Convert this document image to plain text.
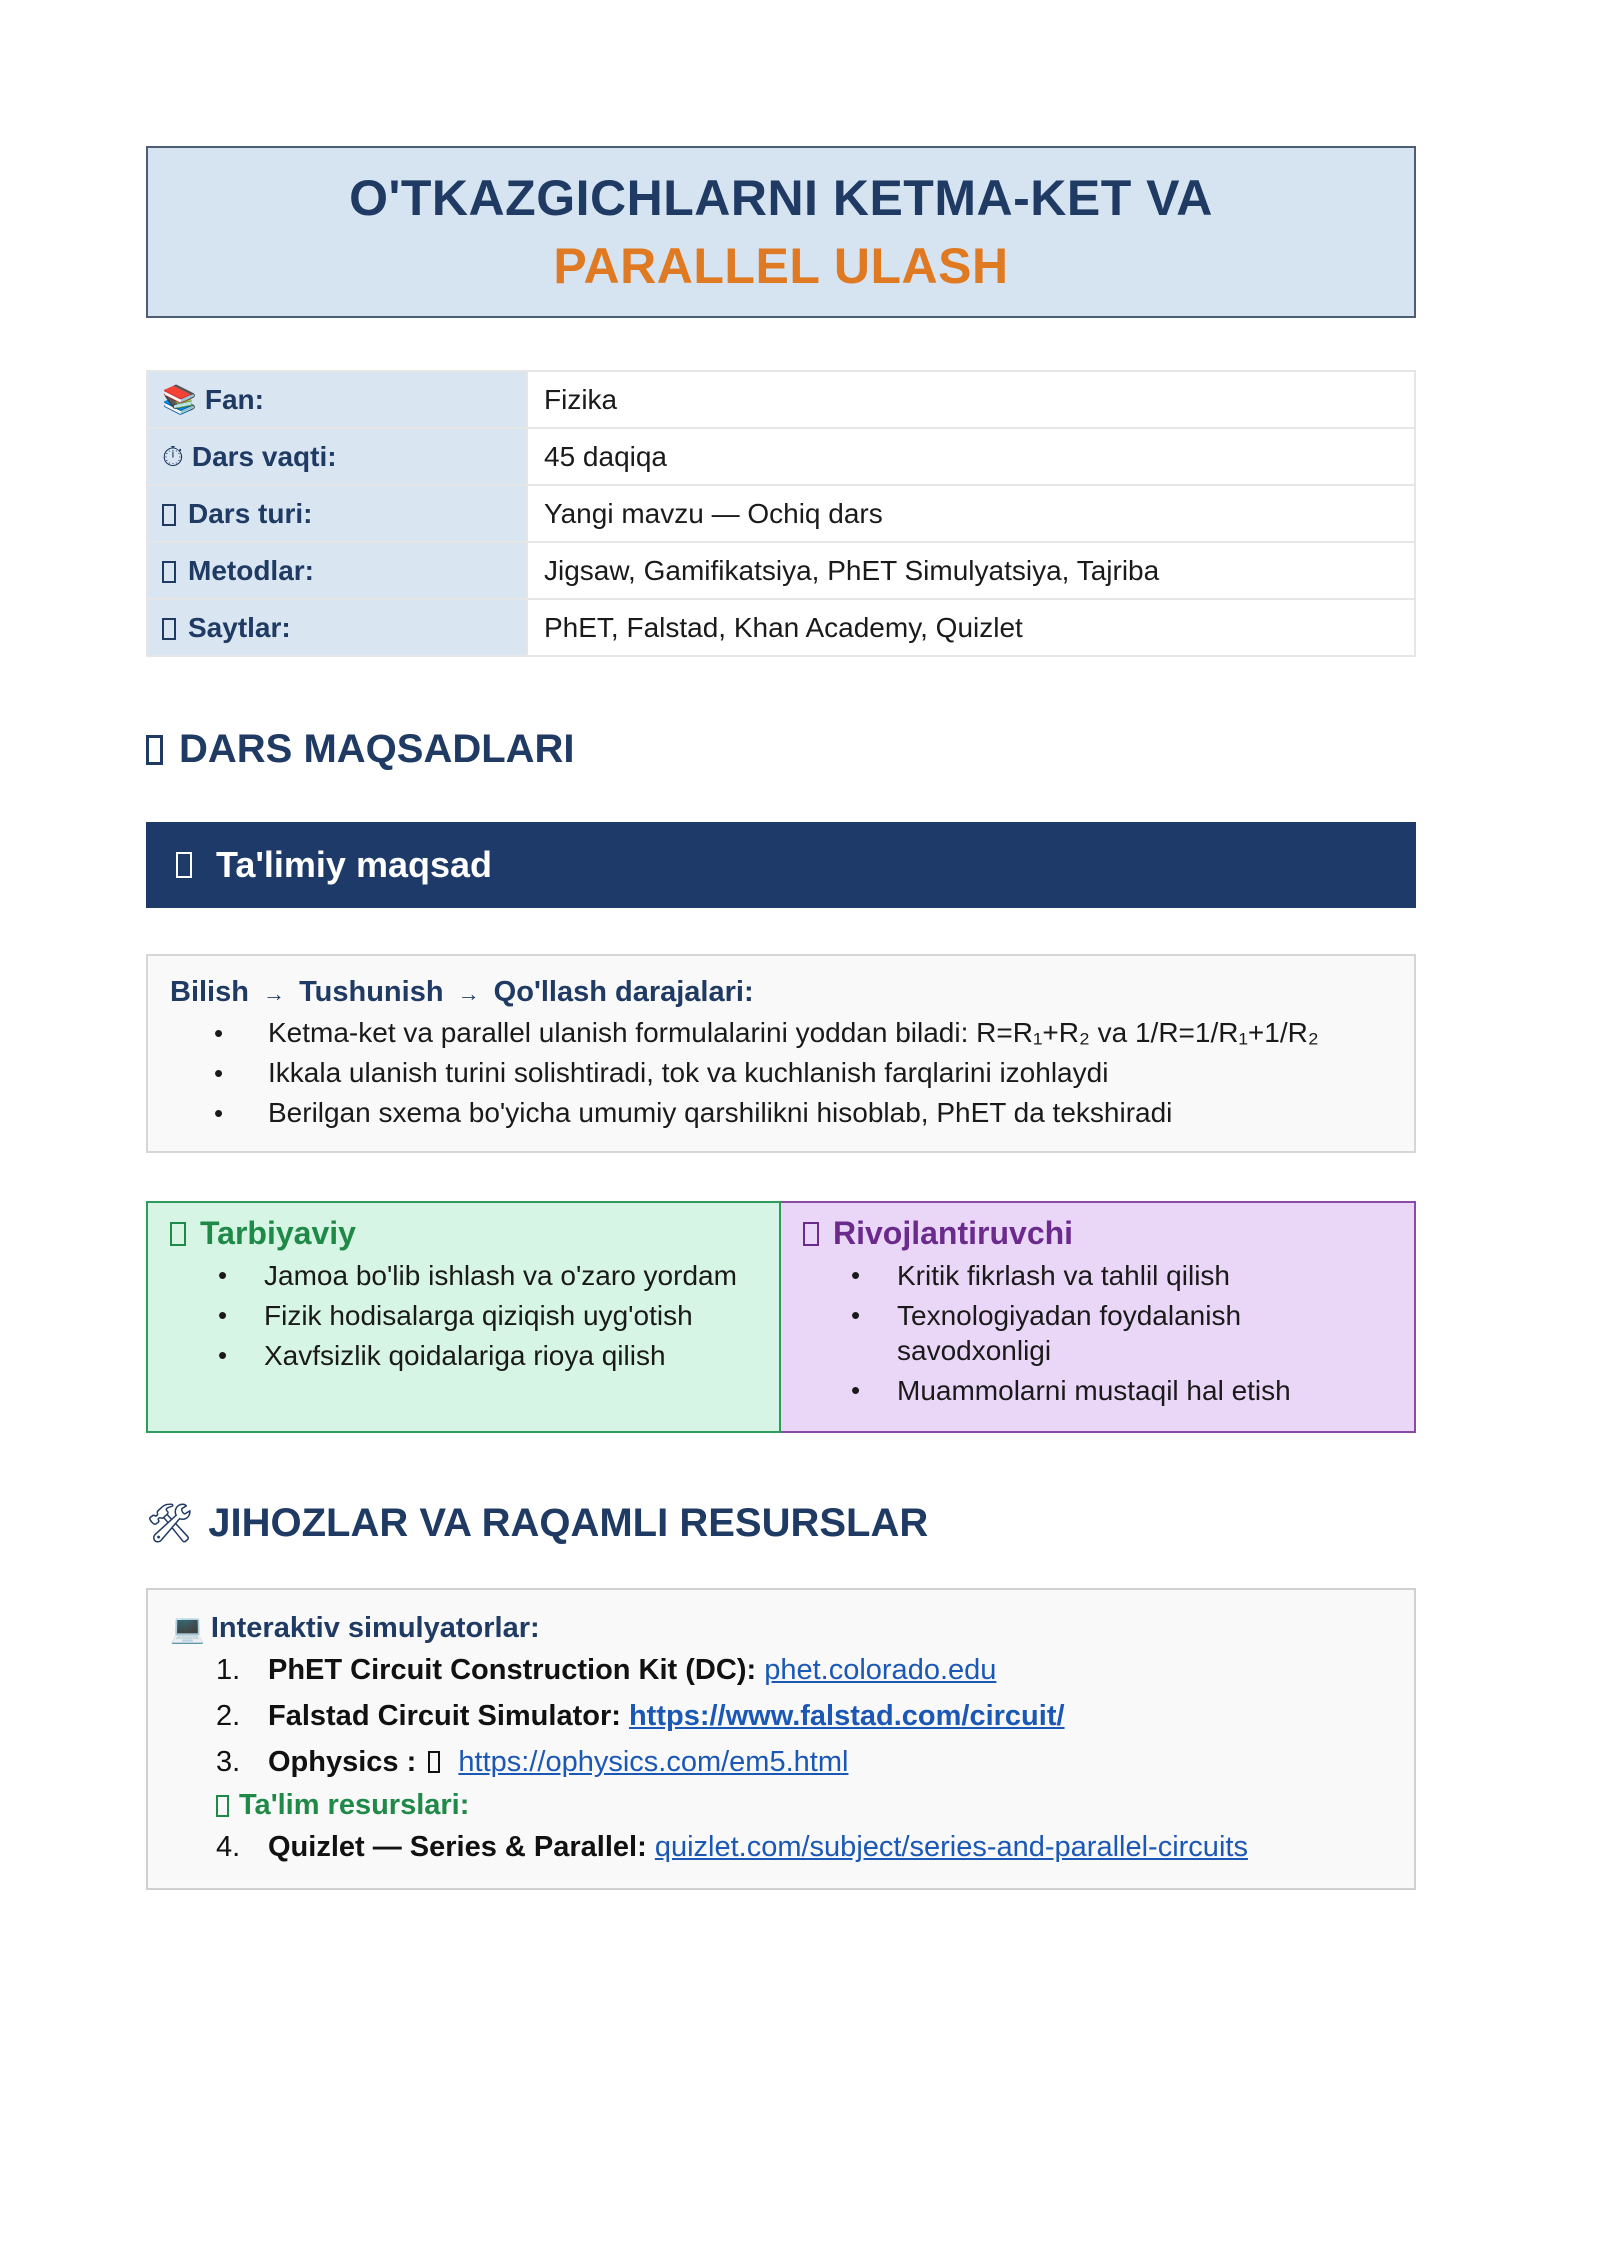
O'TKAZGICHLARNI KETMA-KET VA
PARALLEL ULASH
📚 Fan:	Fizika
⏱ Dars vaqti:	45 daqiqa
Dars turi:	Yangi mavzu — Ochiq dars
Metodlar:	Jigsaw, Gamifikatsiya, PhET Simulyatsiya, Tajriba
Saytlar:	PhET, Falstad, Khan Academy, Quizlet
DARS MAQSADLARI
Ta'limiy maqsad
Bilish → Tushunish → Qo'llash darajalari:
• Ketma-ket va parallel ulanish formulalarini yoddan biladi: R=R₁+R₂ va 1/R=1/R₁+1/R₂
• Ikkala ulanish turini solishtiradi, tok va kuchlanish farqlarini izohlaydi
• Berilgan sxema bo'yicha umumiy qarshilikni hisoblab, PhET da tekshiradi
Tarbiyaviy
• Jamoa bo'lib ishlash va o'zaro yordam
• Fizik hodisalarga qiziqish uyg'otish
• Xavfsizlik qoidalariga rioya qilish
Rivojlantiruvchi
• Kritik fikrlash va tahlil qilish
• Texnologiyadan foydalanish savodxonligi
• Muammolarni mustaqil hal etish
🛠 JIHOZLAR VA RAQAMLI RESURSLAR
💻 Interaktiv simulyatorlar:
1. PhET Circuit Construction Kit (DC): phet.colorado.edu
2. Falstad Circuit Simulator: https://www.falstad.com/circuit/
3. Ophysics : https://ophysics.com/em5.html
Ta'lim resurslari:
4. Quizlet — Series & Parallel: quizlet.com/subject/series-and-parallel-circuits
